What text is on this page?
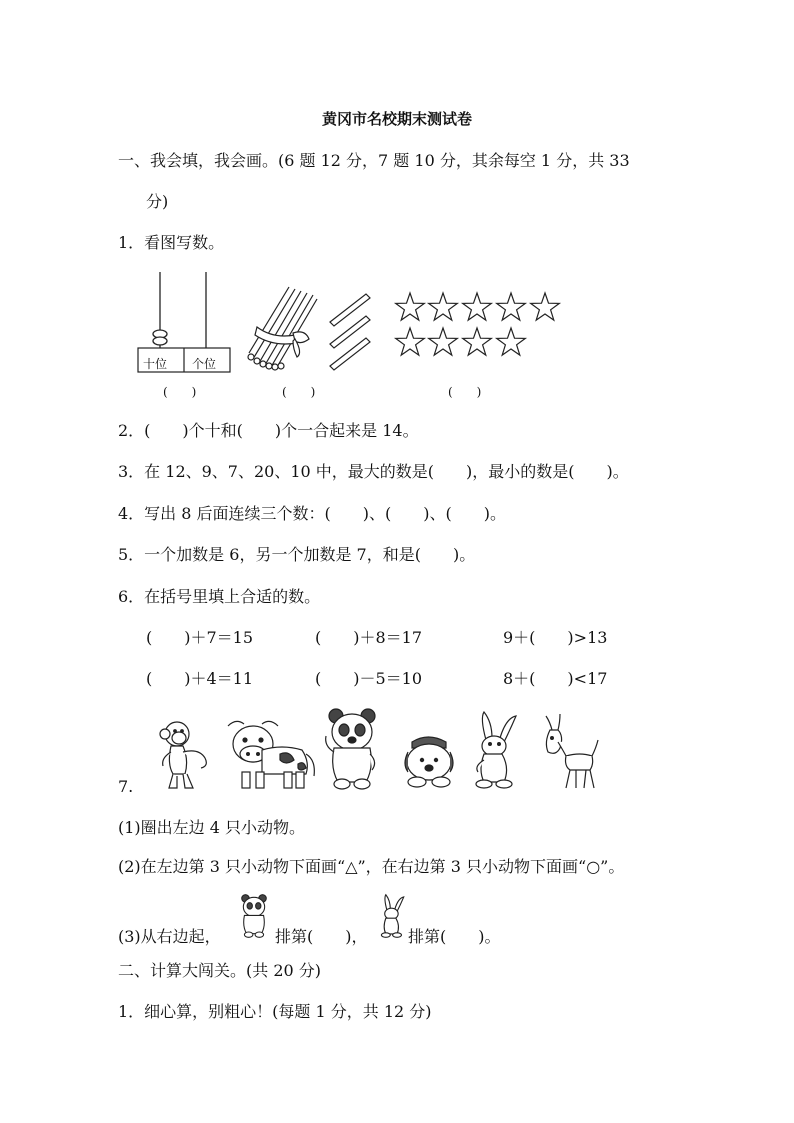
黄冈市名校期末测试卷
一、我会填，我会画。(6 题 12 分，7 题 10 分，其余每空 1 分，共 33
分)
1．看图写数。
十位 个位
(　　)	(　　)	(　　)
2．(　　)个十和(　　)个一合起来是 14。
3．在 12、9、7、20、10 中，最大的数是(　　)，最小的数是(　　)。
4．写出 8 后面连续三个数：(　　)、(　　)、(　　)。
5．一个加数是 6，另一个加数是 7，和是(　　)。
6．在括号里填上合适的数。
(　　)＋7＝15	(　　)＋8＝17	9＋(　　)>13
(　　)＋4＝11	(　　)－5＝10	8＋(　　)<17
7.
(1)圈出左边 4 只小动物。
(2)在左边第 3 只小动物下面画“△”，在右边第 3 只小动物下面画“○”。
(3)从右边起，	排第(　　)，	排第(　　)。
二、计算大闯关。(共 20 分)
1．细心算，别粗心！(每题 1 分，共 12 分)
